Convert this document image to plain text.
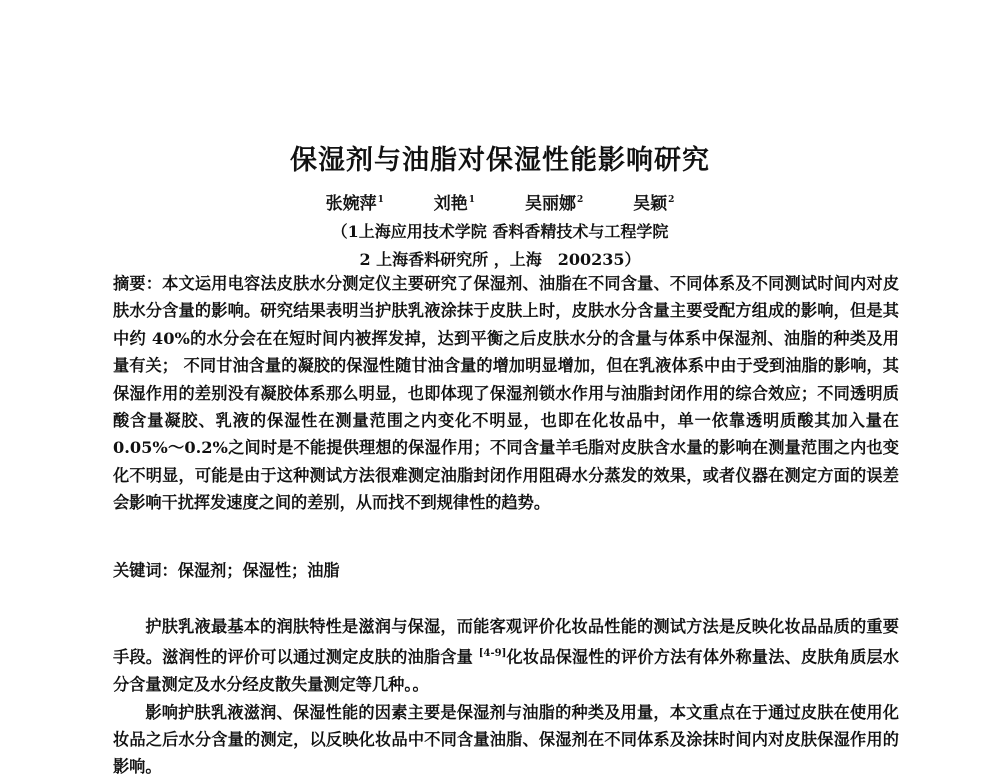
保湿剂与油脂对保湿性能影响研究
张婉萍$^1$	刘艳$^1$	吴丽娜$^2$	吴颖$^2$
（1上海应用技术学院 香料香精技术与工程学院
2 上海香料研究所 ，上海　200235）
摘要：本文运用电容法皮肤水分测定仪主要研究了保湿剂、油脂在不同含量、不同体系及不同测试时间内对皮肤水分含量的影响。研究结果表明当护肤乳液涂抹于皮肤上时，皮肤水分含量主要受配方组成的影响，但是其中约 40%的水分会在在短时间内被挥发掉，达到平衡之后皮肤水分的含量与体系中保湿剂、油脂的种类及用量有关； 不同甘油含量的凝胶的保湿性随甘油含量的增加明显增加，但在乳液体系中由于受到油脂的影响，其保湿作用的差别没有凝胶体系那么明显，也即体现了保湿剂锁水作用与油脂封闭作用的综合效应；不同透明质酸含量凝胶、乳液的保湿性在测量范围之内变化不明显，也即在化妆品中，单一依靠透明质酸其加入量在 0.05%～0.2%之间时是不能提供理想的保湿作用；不同含量羊毛脂对皮肤含水量的影响在测量范围之内也变化不明显，可能是由于这种测试方法很难测定油脂封闭作用阻碍水分蒸发的效果，或者仪器在测定方面的误差会影响干扰挥发速度之间的差别，从而找不到规律性的趋势。
关键词：保湿剂；保湿性；油脂

护肤乳液最基本的润肤特性是滋润与保湿，而能客观评价化妆品性能的测试方法是反映化妆品品质的重要手段。滋润性的评价可以通过测定皮肤的油脂含量 [4-9]化妆品保湿性的评价方法有体外称量法、皮肤角质层水分含量测定及水分经皮散失量测定等几种。。

影响护肤乳液滋润、保湿性能的因素主要是保湿剂与油脂的种类及用量，本文重点在于通过皮肤在使用化妆品之后水分含量的测定，以反映化妆品中不同含量油脂、保湿剂在不同体系及涂抹时间内对皮肤保湿作用的影响。
